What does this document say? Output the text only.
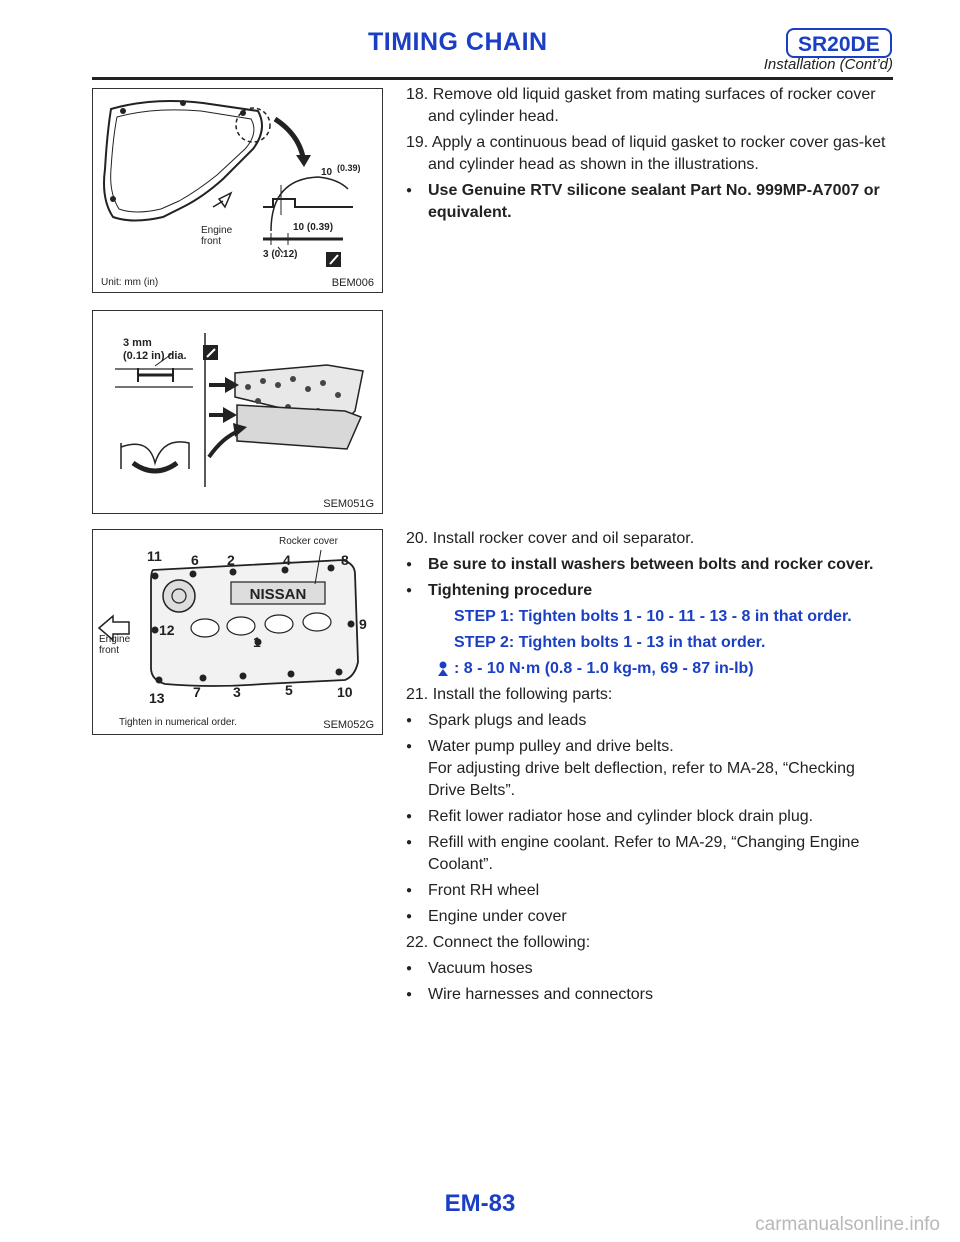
TIMING CHAIN	SR20DE
Installation (Cont’d)
10 (0.39)
10 (0.39)
3 (0.12)
Engine
front
Unit: mm (in)	BEM006
3 mm
(0.12 in) dia.
SEM051G
NISSAN
Rocker cover
Engine
front
11 6 2	4	8
12
1
9
13 7 3	5	10
Tighten in numerical order.	SEM052G
18. Remove old liquid gasket from mating surfaces of rocker cover and cylinder head.
19. Apply a continuous bead of liquid gasket to rocker cover gas-ket and cylinder head as shown in the illustrations.
● Use Genuine RTV silicone sealant Part No. 999MP-A7007 or equivalent.
20. Install rocker cover and oil separator.
● Be sure to install washers between bolts and rocker cover.
● Tightening procedure
STEP 1: Tighten bolts 1 - 10 - 11 - 13 - 8 in that order.
STEP 2: Tighten bolts 1 - 13 in that order.
: 8 - 10 N·m (0.8 - 1.0 kg-m, 69 - 87 in-lb)
21. Install the following parts:
● Spark plugs and leads
● Water pump pulley and drive belts.
For adjusting drive belt deflection, refer to MA-28, “Checking Drive Belts”.
● Refit lower radiator hose and cylinder block drain plug.
● Refill with engine coolant. Refer to MA-29, “Changing Engine Coolant”.
● Front RH wheel
● Engine under cover
22. Connect the following:
● Vacuum hoses
● Wire harnesses and connectors
EM-83
carmanualsonline.info
